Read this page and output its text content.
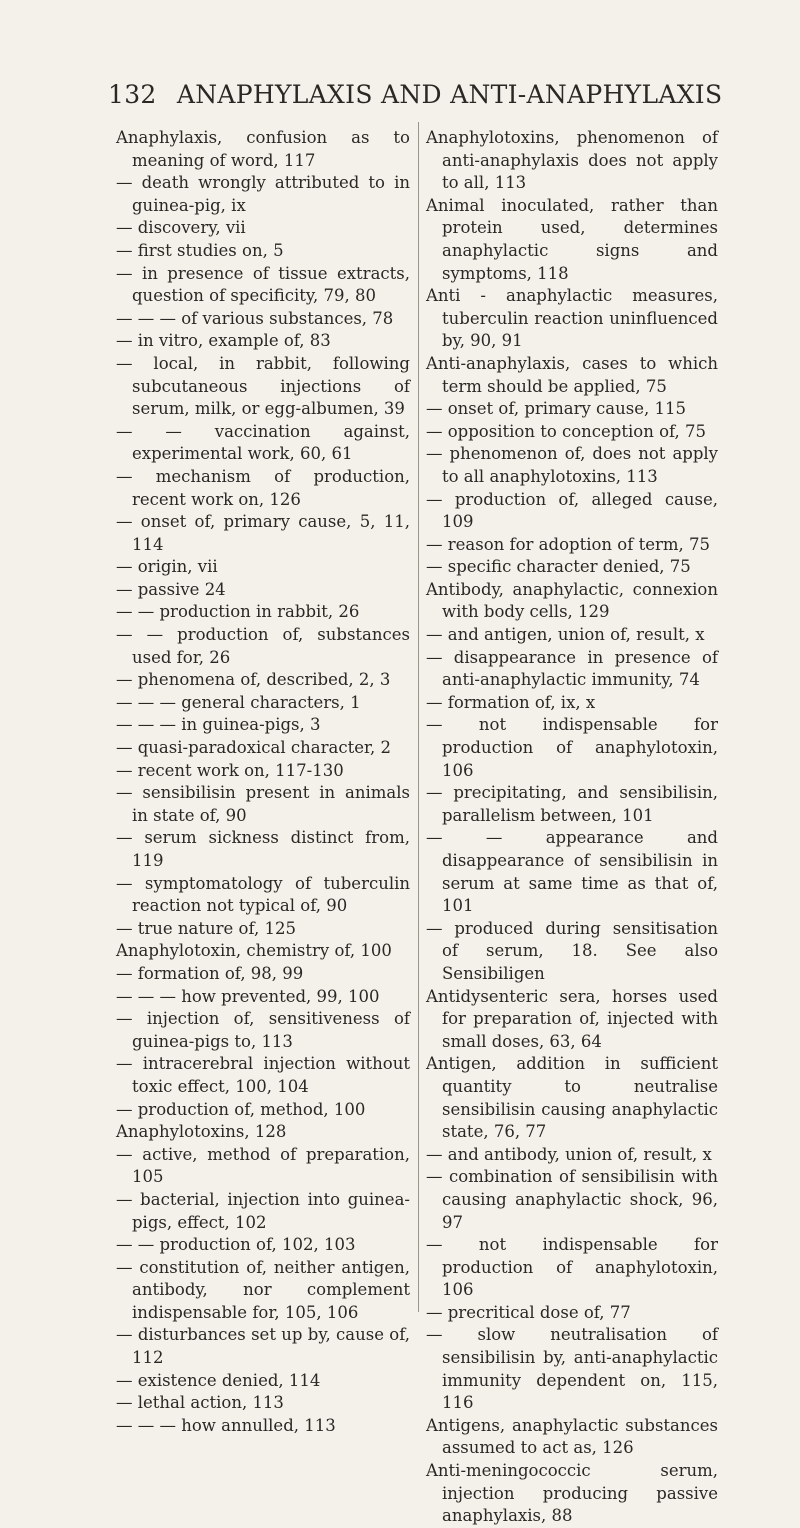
132 ANAPHYLAXIS AND ANTI-ANAPHYLAXIS

Anaphylaxis, confusion as to meaning of word, 117

— death wrongly attributed to in guinea-pig, ix

— discovery, vii

— first studies on, 5

— in presence of tissue extracts, question of specificity, 79, 80

— — — of various substances, 78

— in vitro, example of, 83

— local, in rabbit, following subcutaneous injections of serum, milk, or egg-albumen, 39

— — vaccination against, experimental work, 60, 61

— mechanism of production, recent work on, 126

— onset of, primary cause, 5, 11, 114

— origin, vii

— passive 24

— — production in rabbit, 26

— — production of, substances used for, 26

— phenomena of, described, 2, 3

— — — general characters, 1

— — — in guinea-pigs, 3

— quasi-paradoxical character, 2

— recent work on, 117-130

— sensibilisin present in animals in state of, 90

— serum sickness distinct from, 119

— symptomatology of tuberculin reaction not typical of, 90

— true nature of, 125

Anaphylotoxin, chemistry of, 100

— formation of, 98, 99

— — — how prevented, 99, 100

— injection of, sensitiveness of guinea-pigs to, 113

— intracerebral injection without toxic effect, 100, 104

— production of, method, 100

Anaphylotoxins, 128

— active, method of preparation, 105

— bacterial, injection into guinea-pigs, effect, 102

— — production of, 102, 103

— constitution of, neither antigen, antibody, nor complement indispensable for, 105, 106

— disturbances set up by, cause of, 112

— existence denied, 114

— lethal action, 113

— — — how annulled, 113

Anaphylotoxins, phenomenon of anti-anaphylaxis does not apply to all, 113

Animal inoculated, rather than protein used, determines anaphylactic signs and symptoms, 118

Anti - anaphylactic measures, tuberculin reaction uninfluenced by, 90, 91

Anti-anaphylaxis, cases to which term should be applied, 75

— onset of, primary cause, 115

— opposition to conception of, 75

— phenomenon of, does not apply to all anaphylotoxins, 113

— production of, alleged cause, 109

— reason for adoption of term, 75

— specific character denied, 75

Antibody, anaphylactic, connexion with body cells, 129

— and antigen, union of, result, x

— disappearance in presence of anti-anaphylactic immunity, 74

— formation of, ix, x

— not indispensable for production of anaphylotoxin, 106

— precipitating, and sensibilisin, parallelism between, 101

— — appearance and disappearance of sensibilisin in serum at same time as that of, 101

— produced during sensitisation of serum, 18. See also Sensibiligen

Antidysenteric sera, horses used for preparation of, injected with small doses, 63, 64

Antigen, addition in sufficient quantity to neutralise sensibilisin causing anaphylactic state, 76, 77

— and antibody, union of, result, x

— combination of sensibilisin with causing anaphylactic shock, 96, 97

— not indispensable for production of anaphylotoxin, 106

— precritical dose of, 77

— slow neutralisation of sensibilisin by, anti-anaphylactic immunity dependent on, 115, 116

Antigens, anaphylactic substances assumed to act as, 126

Anti-meningococcic serum, injection producing passive anaphylaxis, 88
